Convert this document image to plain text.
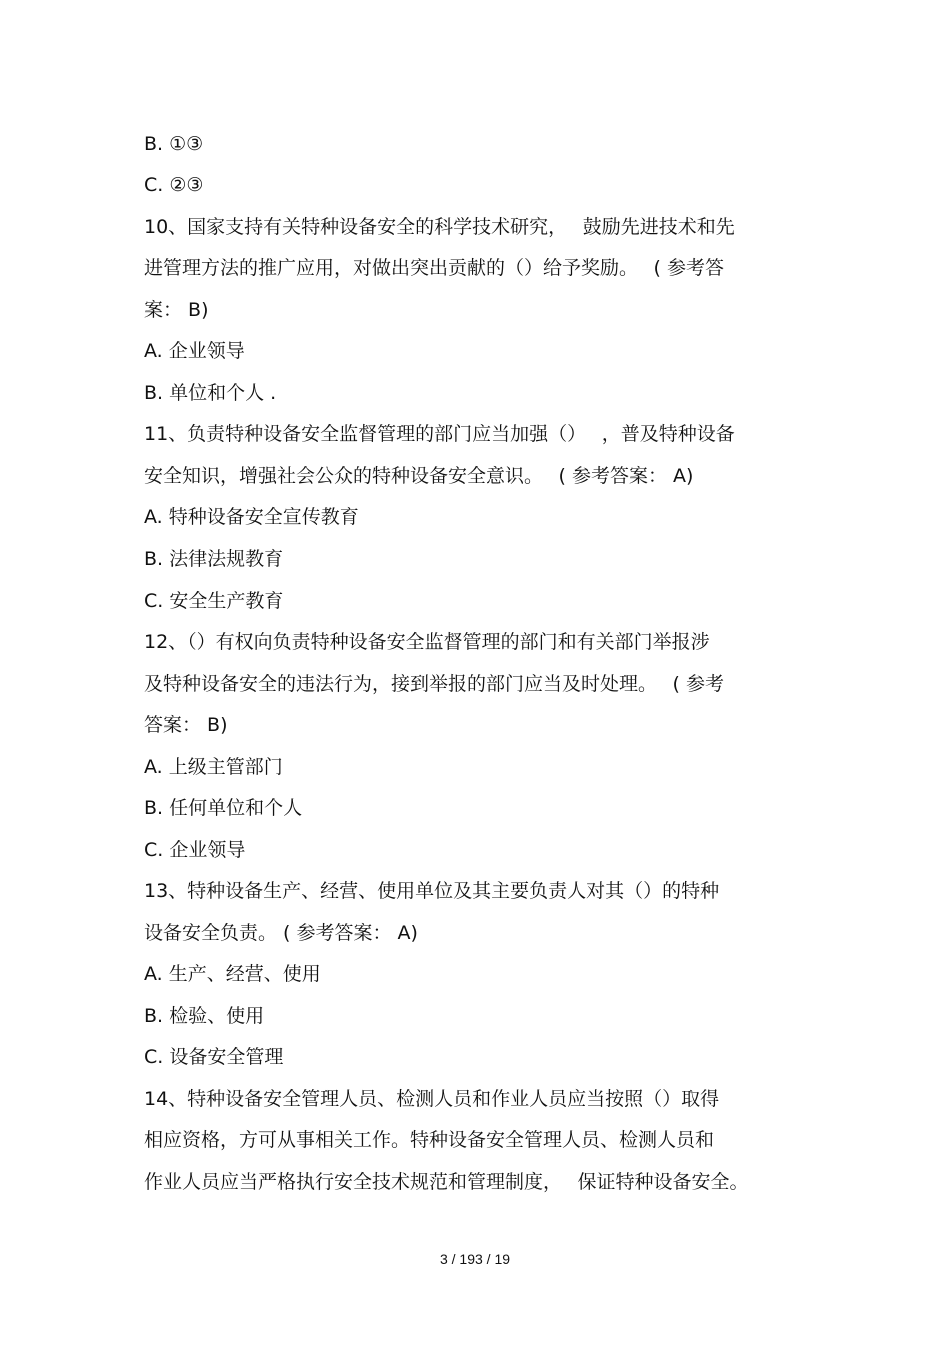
B. ①③
C. ②③
10、国家支持有关特种设备安全的科学技术研究，　 鼓励先进技术和先
进管理方法的推广应用，对做出突出贡献的（）给予奖励。　 ( 参考答
案： B)
A. 企业领导
B. 单位和个人 .
11、负责特种设备安全监督管理的部门应当加强（）　 ，普及特种设备
安全知识，增强社会公众的特种设备安全意识。　 ( 参考答案： A)
A. 特种设备安全宣传教育
B. 法律法规教育
C. 安全生产教育
12、（）有权向负责特种设备安全监督管理的部门和有关部门举报涉
及特种设备安全的违法行为，接到举报的部门应当及时处理。　 ( 参考
答案： B)
A. 上级主管部门
B. 任何单位和个人
C. 企业领导
13、特种设备生产、经营、使用单位及其主要负责人对其（）的特种
设备安全负责。 ( 参考答案： A)
A. 生产、经营、使用
B. 检验、使用
C. 设备安全管理
14、特种设备安全管理人员、检测人员和作业人员应当按照（）取得
相应资格，方可从事相关工作。特种设备安全管理人员、检测人员和
作业人员应当严格执行安全技术规范和管理制度，　 保证特种设备安全。
3 / 193 / 19
